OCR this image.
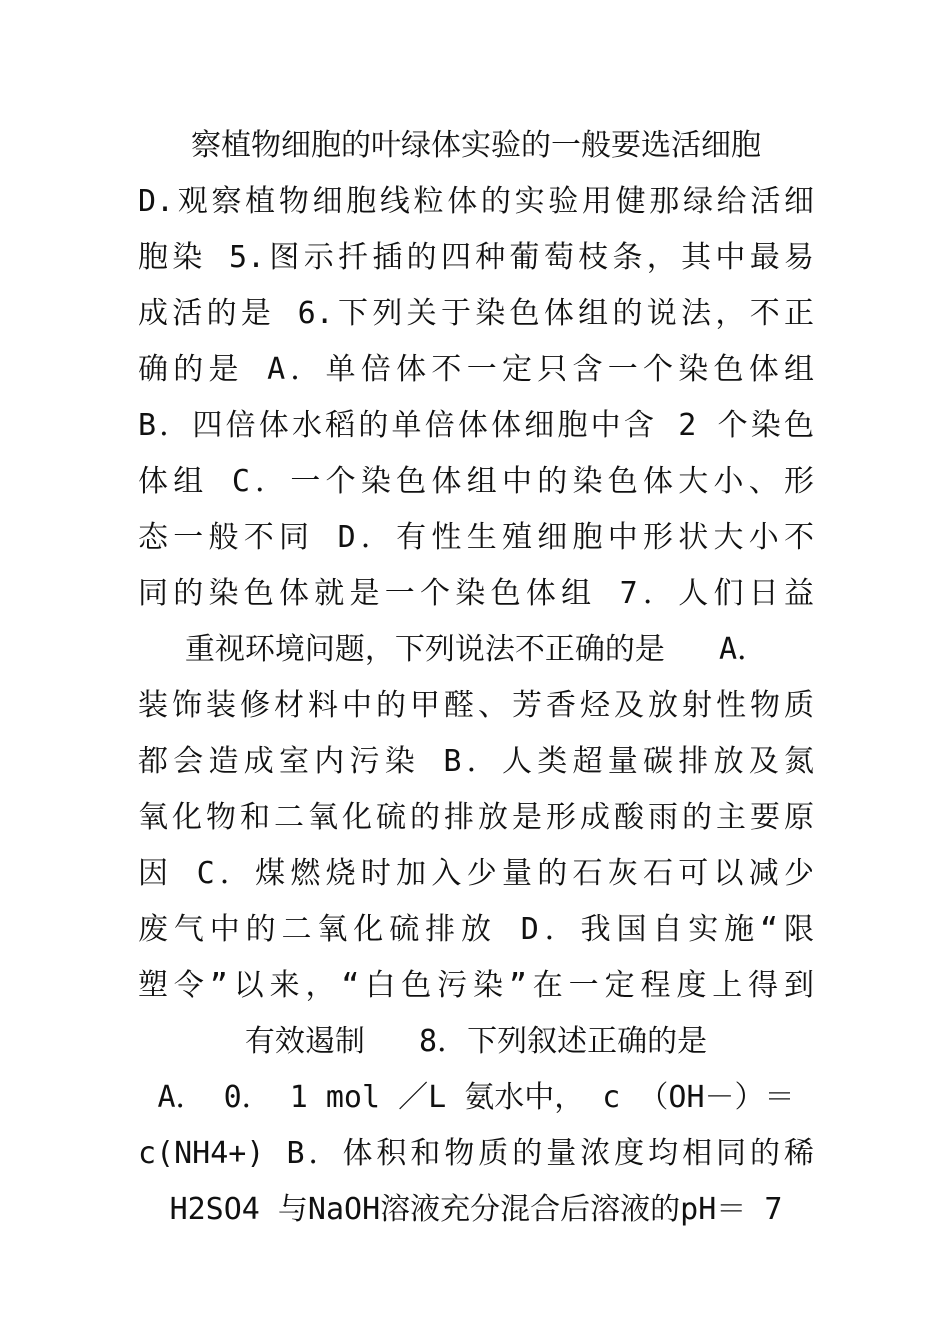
察植物细胞的叶绿体实验的一般要选活细胞
D.观察植物细胞线粒体的实验用健那绿给活细
胞染 5.图示扦插的四种葡萄枝条，其中最易
成活的是 6.下列关于染色体组的说法，不正
确的是 A．单倍体不一定只含一个染色体组
B．四倍体水稻的单倍体体细胞中含 2 个染色
体组 C．一个染色体组中的染色体大小、形
态一般不同 D．有性生殖细胞中形状大小不
同的染色体就是一个染色体组 7．人们日益
重视环境问题，下列说法不正确的是   A．
装饰装修材料中的甲醛、芳香烃及放射性物质
都会造成室内污染 B．人类超量碳排放及氮
氧化物和二氧化硫的排放是形成酸雨的主要原
因 C．煤燃烧时加入少量的石灰石可以减少
废气中的二氧化硫排放 D．我国自实施“限
塑令”以来，“白色污染”在一定程度上得到
有效遏制   8．下列叙述正确的是
A． 0． 1 mol ／L 氨水中， c （OH－）＝
c(NH4+) B．体积和物质的量浓度均相同的稀
H2SO4 与NaOH溶液充分混合后溶液的pH＝ 7
